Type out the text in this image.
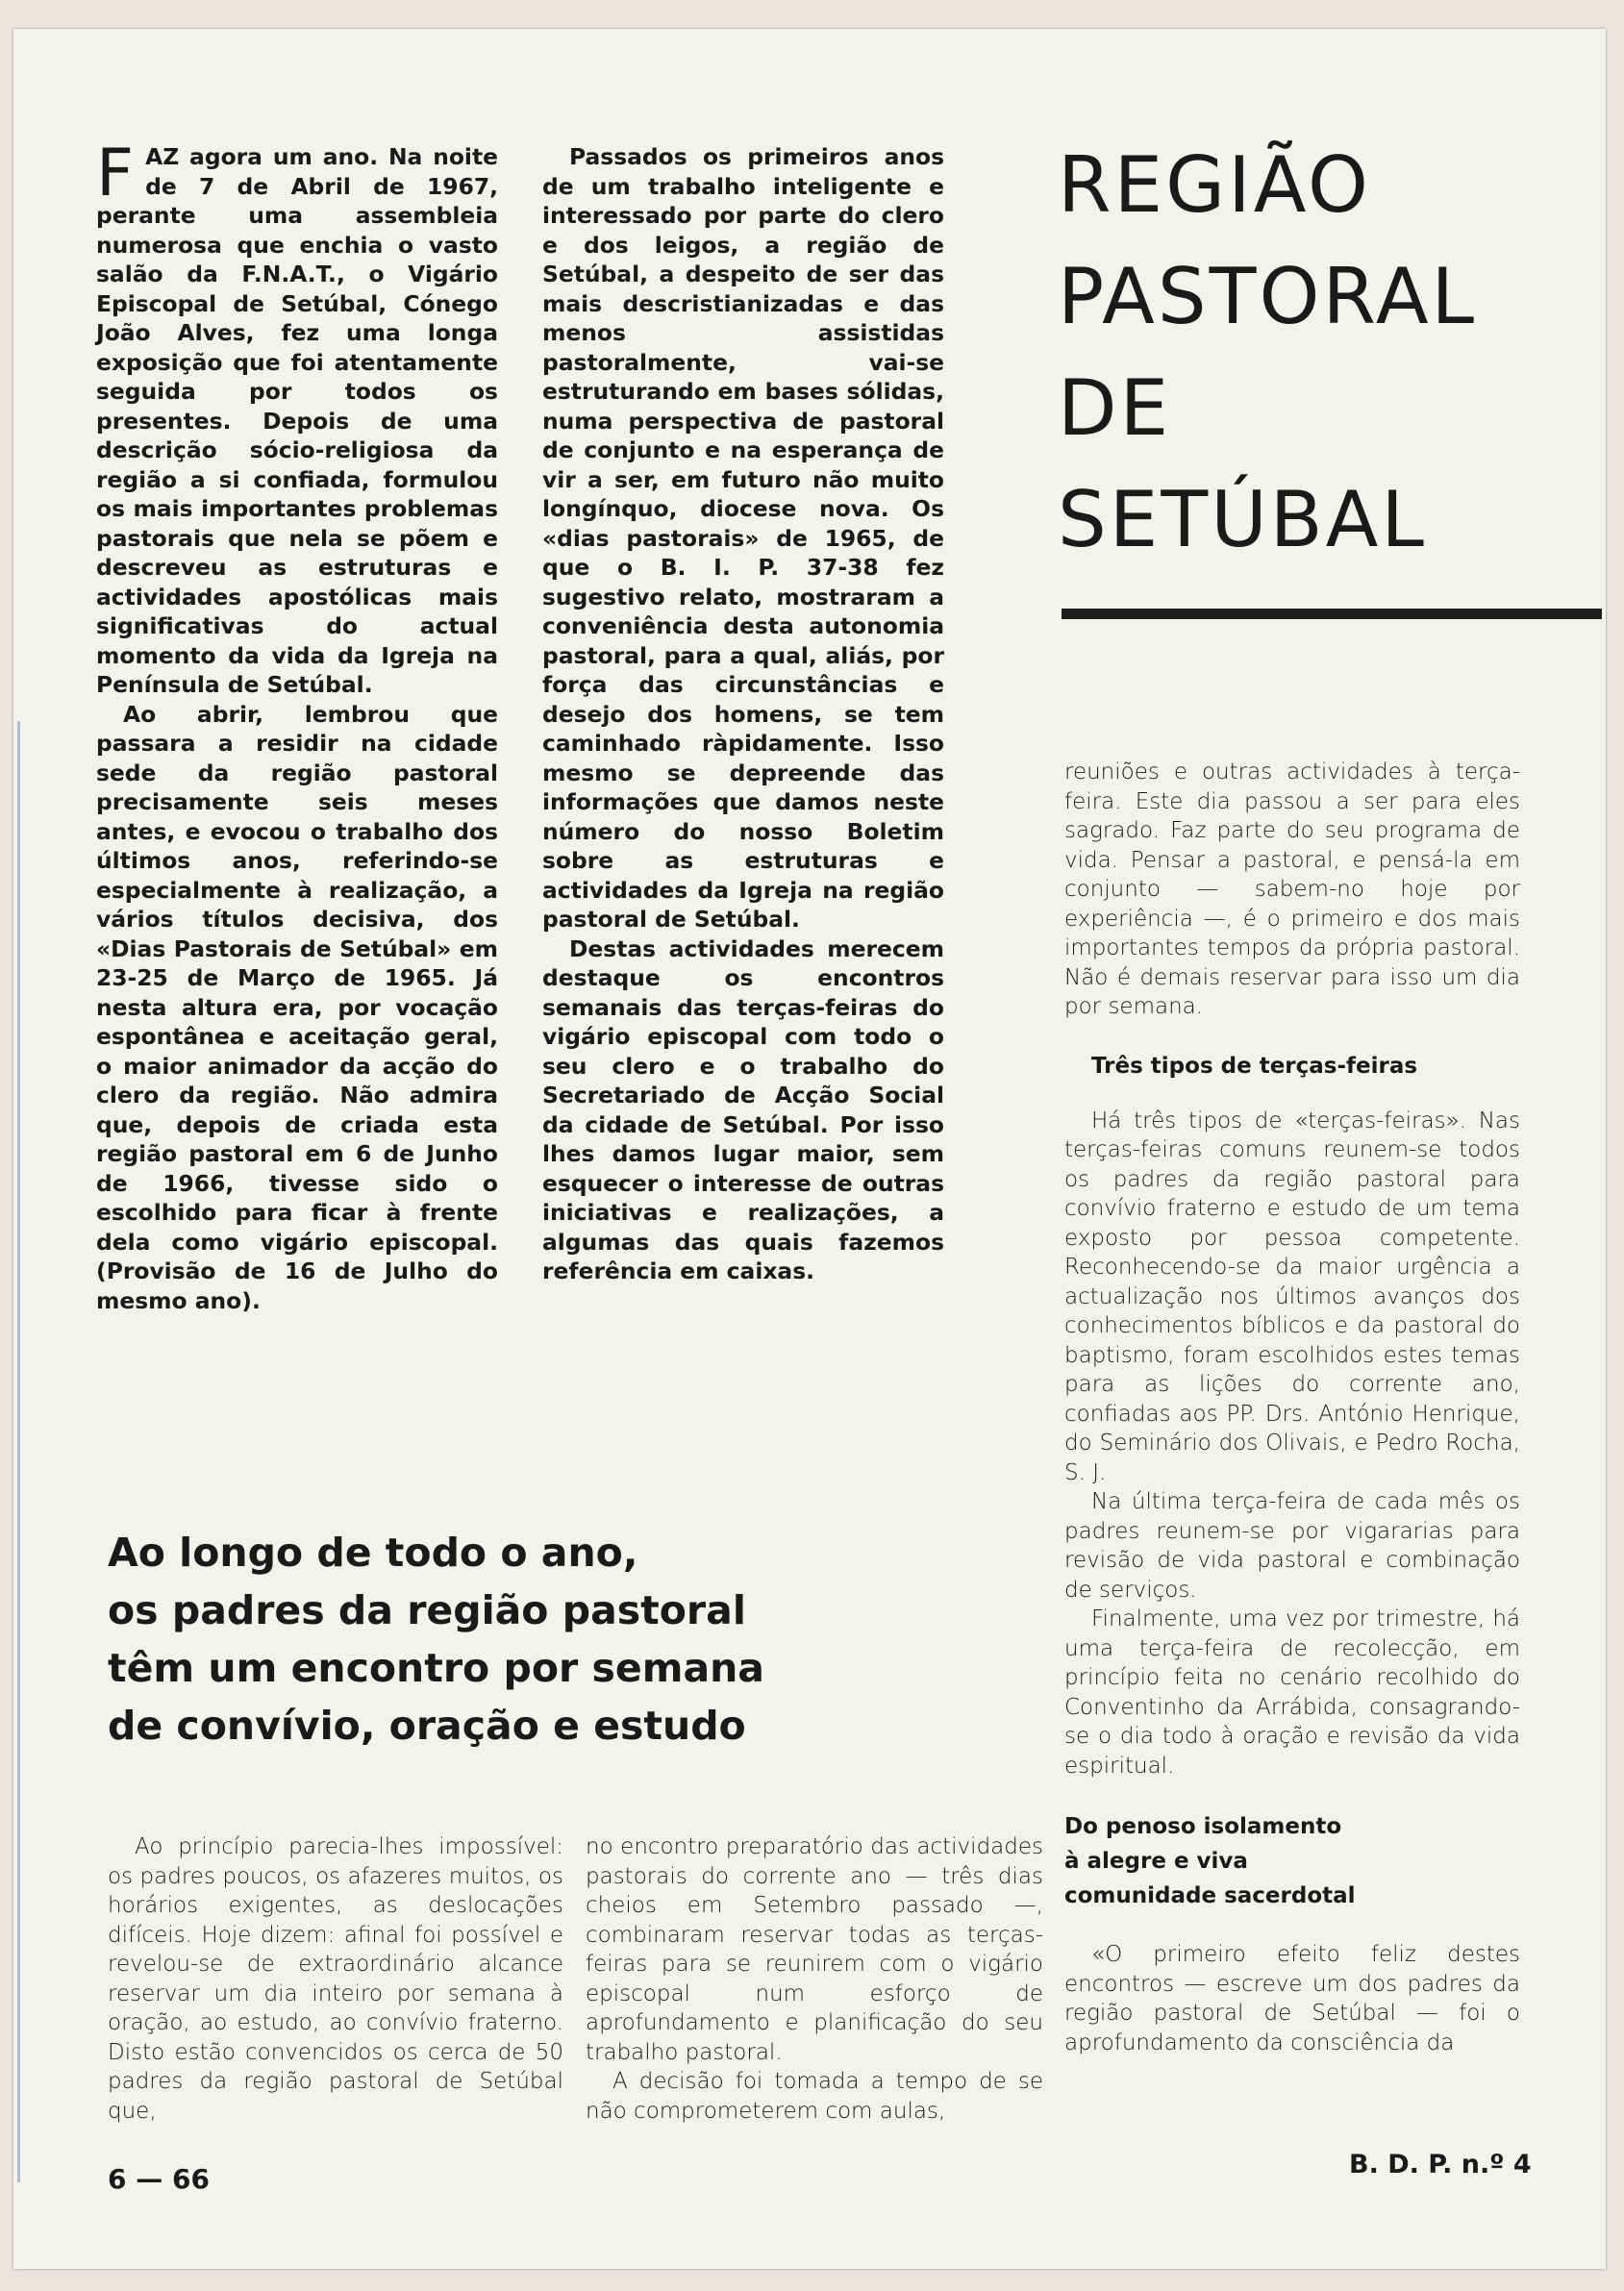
FAZ agora um ano. Na noite de 7 de Abril de 1967, perante uma assembleia numerosa que enchia o vasto salão da F.N.A.T., o Vigário Episcopal de Setúbal, Cónego João Alves, fez uma longa exposição que foi atentamente seguida por todos os presentes. Depois de uma descrição sócio-religiosa da região a si confiada, formulou os mais importantes problemas pastorais que nela se põem e descreveu as estruturas e actividades apostólicas mais significativas do actual momento da vida da Igreja na Península de Setúbal.

Ao abrir, lembrou que passara a residir na cidade sede da região pastoral precisamente seis meses antes, e evocou o trabalho dos últimos anos, referindo-se especialmente à realização, a vários títulos decisiva, dos «Dias Pastorais de Setúbal» em 23-25 de Março de 1965. Já nesta altura era, por vocação espontânea e aceitação geral, o maior animador da acção do clero da região. Não admira que, depois de criada esta região pastoral em 6 de Junho de 1966, tivesse sido o escolhido para ficar à frente dela como vigário episcopal. (Provisão de 16 de Julho do mesmo ano).

Passados os primeiros anos de um trabalho inteligente e interessado por parte do clero e dos leigos, a região de Setúbal, a despeito de ser das mais descristianizadas e das menos assistidas pastoralmente, vai-se estruturando em bases sólidas, numa perspectiva de pastoral de conjunto e na esperança de vir a ser, em futuro não muito longínquo, diocese nova. Os «dias pastorais» de 1965, de que o B. I. P. 37-38 fez sugestivo relato, mostraram a conveniência desta autonomia pastoral, para a qual, aliás, por força das circunstâncias e desejo dos homens, se tem caminhado ràpidamente. Isso mesmo se depreende das informações que damos neste número do nosso Boletim sobre as estruturas e actividades da Igreja na região pastoral de Setúbal.

Destas actividades merecem destaque os encontros semanais das terças-feiras do vigário episcopal com todo o seu clero e o trabalho do Secretariado de Acção Social da cidade de Setúbal. Por isso lhes damos lugar maior, sem esquecer o interesse de outras iniciativas e realizações, a algumas das quais fazemos referência em caixas.

REGIÃO
PASTORAL
DE
SETÚBAL

reuniões e outras actividades à terça-feira. Este dia passou a ser para eles sagrado. Faz parte do seu programa de vida. Pensar a pastoral, e pensá-la em conjunto — sabem-no hoje por experiência —, é o primeiro e dos mais importantes tempos da própria pastoral. Não é demais reservar para isso um dia por semana.

Três tipos de terças-feiras

Há três tipos de «terças-feiras». Nas terças-feiras comuns reunem-se todos os padres da região pastoral para convívio fraterno e estudo de um tema exposto por pessoa competente. Reconhecendo-se da maior urgência a actualização nos últimos avanços dos conhecimentos bíblicos e da pastoral do baptismo, foram escolhidos estes temas para as lições do corrente ano, confiadas aos PP. Drs. António Henrique, do Seminário dos Olivais, e Pedro Rocha, S. J.

Na última terça-feira de cada mês os padres reunem-se por vigararias para revisão de vida pastoral e combinação de serviços.

Finalmente, uma vez por trimestre, há uma terça-feira de recolecção, em princípio feita no cenário recolhido do Conventinho da Arrábida, consagrando-se o dia todo à oração e revisão da vida espiritual.

Do penoso isolamento
à alegre e viva
comunidade sacerdotal

«O primeiro efeito feliz destes encontros — escreve um dos padres da região pastoral de Setúbal — foi o aprofundamento da consciência da

Ao longo de todo o ano,
os padres da região pastoral
têm um encontro por semana
de convívio, oração e estudo

Ao princípio parecia-lhes impossível: os padres poucos, os afazeres muitos, os horários exigentes, as deslocações difíceis. Hoje dizem: afinal foi possível e revelou-se de extraordinário alcance reservar um dia inteiro por semana à oração, ao estudo, ao convívio fraterno. Disto estão convencidos os cerca de 50 padres da região pastoral de Setúbal que,

no encontro preparatório das actividades pastorais do corrente ano — três dias cheios em Setembro passado —, combinaram reservar todas as terças-feiras para se reunirem com o vigário episcopal num esforço de aprofundamento e planificação do seu trabalho pastoral.

A decisão foi tomada a tempo de se não comprometerem com aulas,

6 — 66	B. D. P. n.º 4
